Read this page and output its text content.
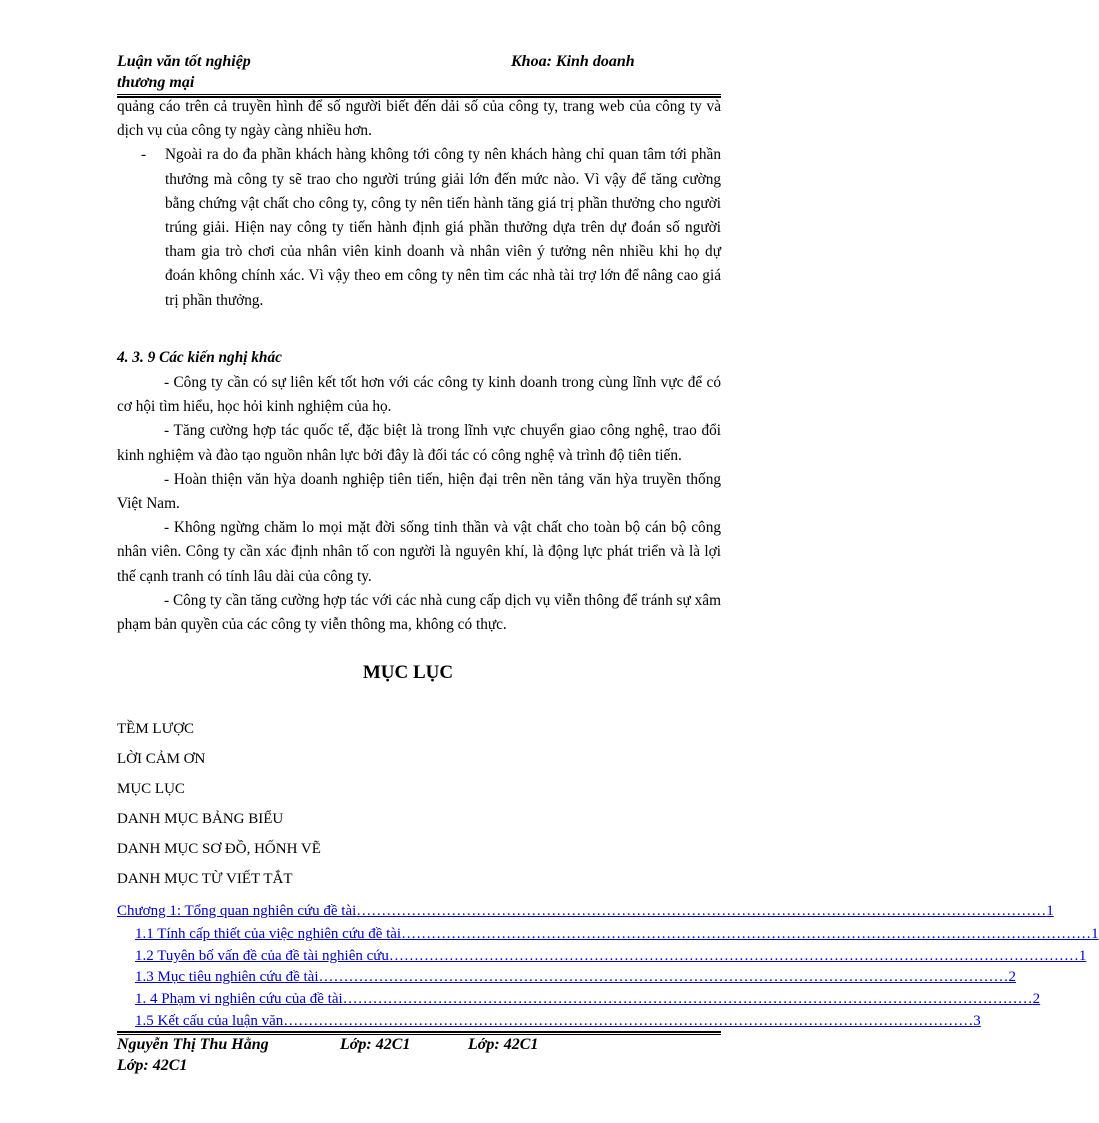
Luận văn tốt nghiệp
thương mại
Khoa: Kinh doanh

quảng cáo trên cả truyền hình để số người biết đến dải số của công ty, trang web của công ty và dịch vụ của công ty ngày càng nhiều hơn.

- Ngoài ra do đa phần khách hàng không tới công ty nên khách hàng chỉ quan tâm tới phần thưởng mà công ty sẽ trao cho người trúng giải lớn đến mức nào. Vì vậy để tăng cường bằng chứng vật chất cho công ty, công ty nên tiến hành tăng giá trị phần thưởng cho người trúng giải. Hiện nay công ty tiến hành định giá phần thưởng dựa trên dự đoán số người tham gia trò chơi của nhân viên kinh doanh và nhân viên ý tưởng nên nhiều khi họ dự đoán không chính xác. Vì vậy theo em công ty nên tìm các nhà tài trợ lớn để nâng cao giá trị phần thưởng.

4. 3. 9 Các kiến nghị khác

- Công ty cần có sự liên kết tốt hơn với các công ty kinh doanh trong cùng lĩnh vực để có cơ hội tìm hiểu, học hỏi kinh nghiệm của họ.

- Tăng cường hợp tác quốc tế, đặc biệt là trong lĩnh vực chuyển giao công nghệ, trao đổi kinh nghiệm và đào tạo nguồn nhân lực bởi đây là đối tác có công nghệ và trình độ tiên tiến.

- Hoàn thiện văn hỳa doanh nghiệp tiên tiến, hiện đại trên nền tảng văn hỳa truyền thống Việt Nam.

- Không ngừng chăm lo mọi mặt đời sống tinh thần và vật chất cho toàn bộ cán bộ công nhân viên. Công ty cần xác định nhân tố con người là nguyên khí, là động lực phát triển và là lợi thế cạnh tranh có tính lâu dài của công ty.

- Công ty cần tăng cường hợp tác với các nhà cung cấp dịch vụ viễn thông để tránh sự xâm phạm bản quyền của các công ty viễn thông ma, không có thực.

MỤC LỤC
TỀM LƯỢC
LỜI CẢM ƠN
MỤC LỤC
DANH MỤC BẢNG BIỂU
DANH MỤC SƠ ĐỒ, HỐNH VẼ
DANH MỤC TỪ VIẾT TẮT
Chương 1: Tổng quan nghiên cứu đề tài ………………………………………………………………………………………………………………………… 1
1.1 Tính cấp thiết của việc nghiên cứu đề tài ………………………………………………………………………………………………………………………… 1
1.2 Tuyên bố vấn đề của đề tài nghiên cứu ………………………………………………………………………………………………………………………… 1
1.3 Mục tiêu nghiên cứu đề tài ………………………………………………………………………………………………………………………… 2
1. 4 Phạm vi nghiên cứu của đề tài ………………………………………………………………………………………………………………………… 2
1.5 Kết cấu của luận văn ………………………………………………………………………………………………………………………… 3
Nguyễn Thị Thu Hằng	Lớp: 42C1	Lớp: 42C1
Lớp: 42C1
